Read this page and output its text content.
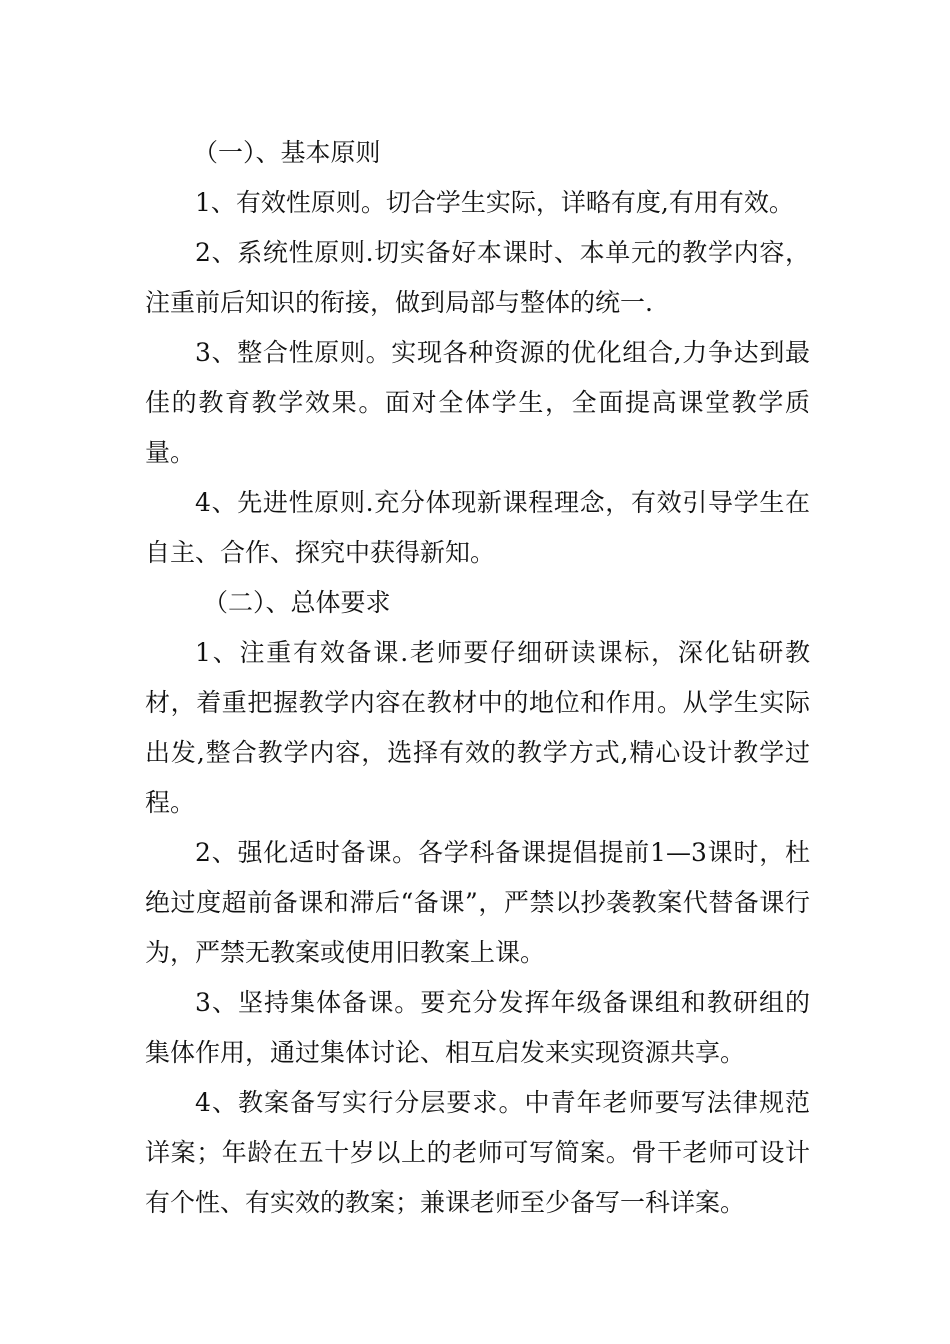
（一）、基本原则

1、有效性原则。切合学生实际，详略有度,有用有效。

2、系统性原则.切实备好本课时、本单元的教学内容，注重前后知识的衔接，做到局部与整体的统一.

3、整合性原则。实现各种资源的优化组合,力争达到最佳的教育教学效果。面对全体学生，全面提高课堂教学质量。

4、先进性原则.充分体现新课程理念，有效引导学生在自主、合作、探究中获得新知。

（二）、总体要求

1、注重有效备课.老师要仔细研读课标，深化钻研教材，着重把握教学内容在教材中的地位和作用。从学生实际出发,整合教学内容，选择有效的教学方式,精心设计教学过程。

2、强化适时备课。各学科备课提倡提前1—3课时，杜绝过度超前备课和滞后“备课”，严禁以抄袭教案代替备课行为，严禁无教案或使用旧教案上课。

3、坚持集体备课。要充分发挥年级备课组和教研组的集体作用，通过集体讨论、相互启发来实现资源共享。

4、教案备写实行分层要求。中青年老师要写法律规范详案；年龄在五十岁以上的老师可写简案。骨干老师可设计有个性、有实效的教案；兼课老师至少备写一科详案。
